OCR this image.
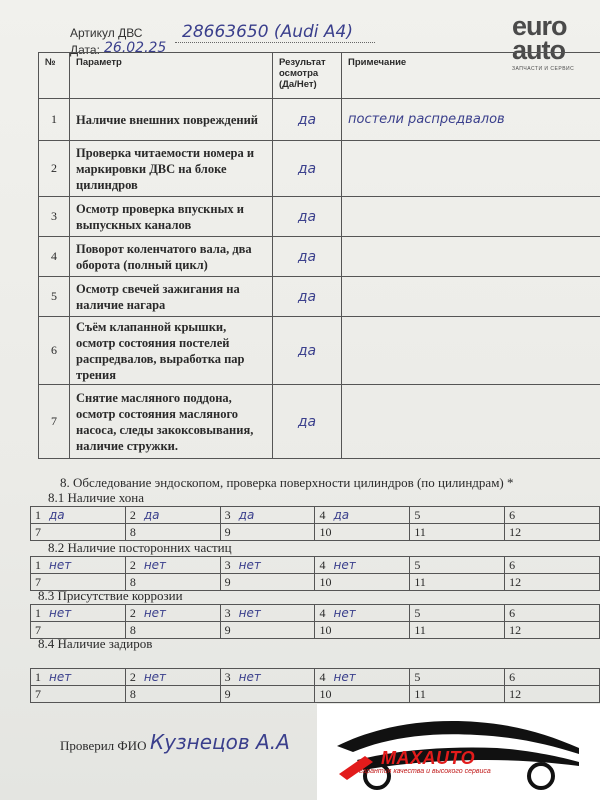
Артикул ДВС 28663650 (Audi A4)
Дата: 26.02.25
euro
auto
ЗАПЧАСТИ И СЕРВИС
№	Параметр	Результат осмотра (Да/Нет)	Примечание
1	Наличие внешних повреждений	да	постели распредвалов
2	Проверка читаемости номера и маркировки ДВС на блоке цилиндров	да	
3	Осмотр проверка впускных и выпускных каналов	да	
4	Поворот коленчатого вала, два оборота (полный цикл)	да	
5	Осмотр свечей зажигания на наличие нагара	да	
6	Съём клапанной крышки, осмотр состояния постелей распредвалов, выработка пар трения	да	
7	Снятие масляного поддона, осмотр состояния масляного насоса, следы закоксовывания, наличие стружки.	да	
8. Обследование эндоскопом, проверка поверхности цилиндров (по цилиндрам) *
8.1 Наличие хона
1 да	2 да	3 да	4 да	5	6
7	8	9	10	11	12
8.2 Наличие посторонних частиц
1 нет	2 нет	3 нет	4 нет	5	6
7	8	9	10	11	12
8.3 Присутствие коррозии
1 нет	2 нет	3 нет	4 нет	5	6
7	8	9	10	11	12
8.4 Наличие задиров
1 нет	2 нет	3 нет	4 нет	5	6
7	8	9	10	11	12
Проверил ФИО Кузнецов А.А
MAXAUTO
гарантия качества и высокого сервиса
